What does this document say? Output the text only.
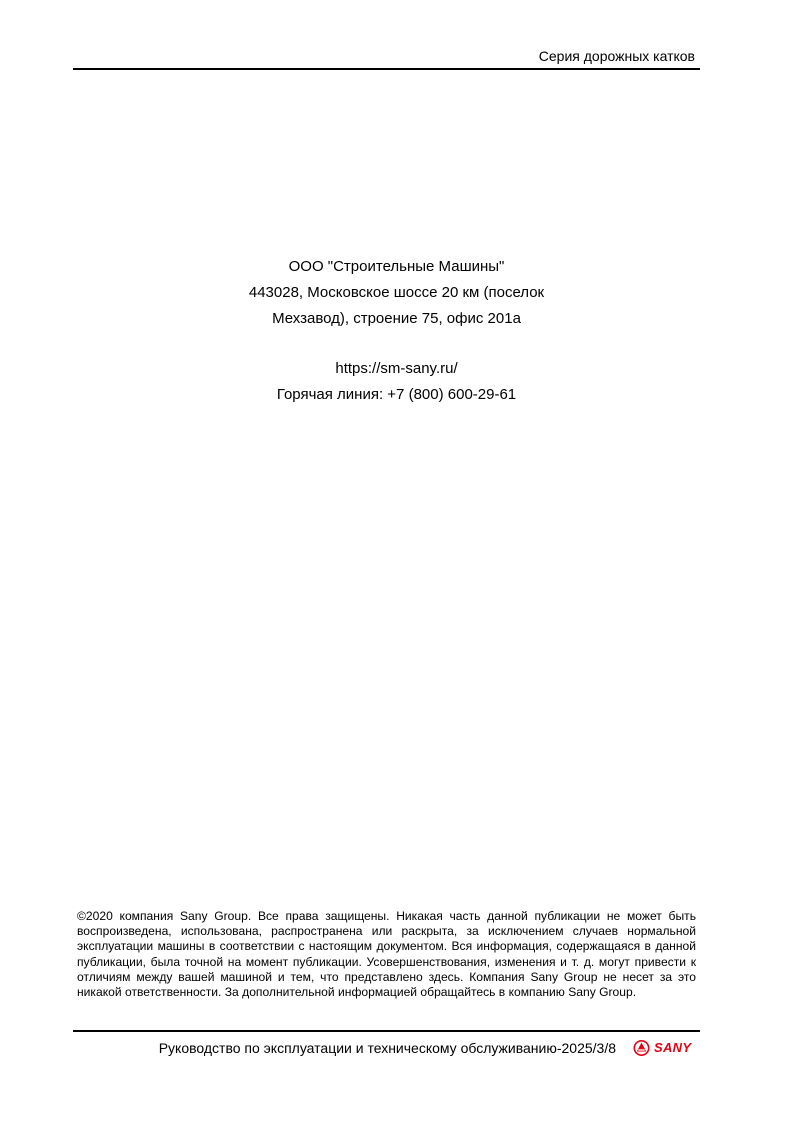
Серия дорожных катков
ООО "Строительные Машины"
443028, Московское шоссе 20 км (поселок
Мехзавод), строение 75, офис 201а
https://sm-sany.ru/
Горячая линия: +7 (800) 600-29-61
©2020 компания Sany Group. Все права защищены. Никакая часть данной публикации не может быть воспроизведена, использована, распространена или раскрыта, за исключением случаев нормальной эксплуатации машины в соответствии с настоящим документом. Вся информация, содержащаяся в данной публикации, была точной на момент публикации. Усовершенствования, изменения и т. д. могут привести к отличиям между вашей машиной и тем, что представлено здесь. Компания Sany Group не несет за это никакой ответственности. За дополнительной информацией обращайтесь в компанию Sany Group.
Руководство по эксплуатации и техническому обслуживанию-2025/3/8	SANY
